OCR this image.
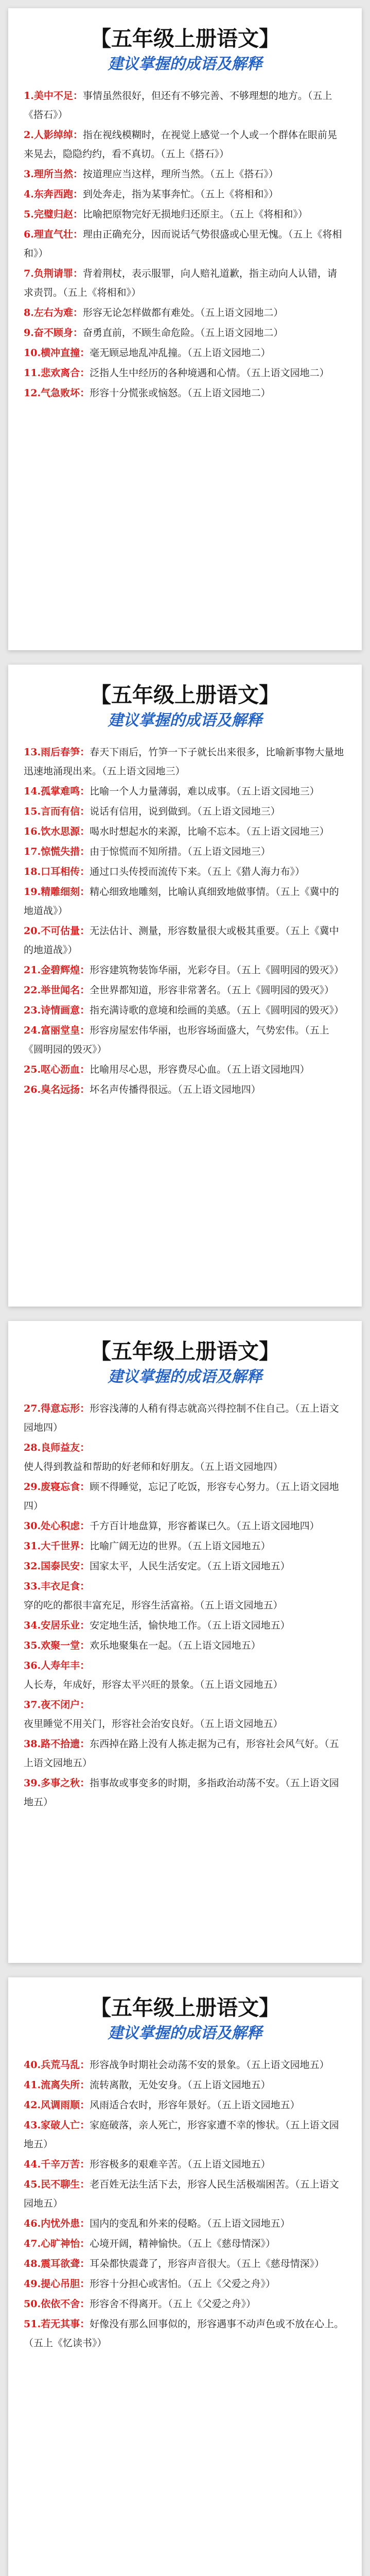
【五年级上册语文】
建议掌握的成语及解释
1.美中不足：事情虽然很好，但还有不够完善、不够理想的地方。（五上《搭石》）
2.人影绰绰：指在视线模糊时，在视觉上感觉一个人或一个群体在眼前晃来晃去，隐隐约约，看不真切。（五上《搭石》）
3.理所当然：按道理应当这样，理所当然。（五上《搭石》）
4.东奔西跑：到处奔走，指为某事奔忙。（五上《将相和》）
5.完璧归赵：比喻把原物完好无损地归还原主。（五上《将相和》）
6.理直气壮：理由正确充分，因而说话气势很盛或心里无愧。（五上《将相和》）
7.负荆请罪：背着荆杖，表示服罪，向人赔礼道歉，指主动向人认错，请求责罚。（五上《将相和》）
8.左右为难：形容无论怎样做都有难处。（五上语文园地二）
9.奋不顾身：奋勇直前，不顾生命危险。（五上语文园地二）
10.横冲直撞：毫无顾忌地乱冲乱撞。（五上语文园地二）
11.悲欢离合：泛指人生中经历的各种境遇和心情。（五上语文园地二）
12.气急败坏：形容十分慌张或恼怒。（五上语文园地二）
【五年级上册语文】
建议掌握的成语及解释
13.雨后春笋：春天下雨后，竹笋一下子就长出来很多，比喻新事物大量地迅速地涌现出来。（五上语文园地三）
14.孤掌难鸣：比喻一个人力量薄弱，难以成事。（五上语文园地三）
15.言而有信：说话有信用，说到做到。（五上语文园地三）
16.饮水思源：喝水时想起水的来源，比喻不忘本。（五上语文园地三）
17.惊慌失措：由于惊慌而不知所措。（五上语文园地三）
18.口耳相传：通过口头传授而流传下来。（五上《猎人海力布》）
19.精雕细刻：精心细致地雕刻，比喻认真细致地做事情。（五上《冀中的地道战》）
20.不可估量：无法估计、测量，形容数量很大或极其重要。（五上《冀中的地道战》）
21.金碧辉煌：形容建筑物装饰华丽，光彩夺目。（五上《圆明园的毁灭》）
22.举世闻名：全世界都知道，形容非常著名。（五上《圆明园的毁灭》）
23.诗情画意：指充满诗歌的意境和绘画的美感。（五上《圆明园的毁灭》）
24.富丽堂皇：形容房屋宏伟华丽，也形容场面盛大，气势宏伟。（五上《圆明园的毁灭》）
25.呕心沥血：比喻用尽心思，形容费尽心血。（五上语文园地四）
26.臭名远扬：坏名声传播得很远。（五上语文园地四）
【五年级上册语文】
建议掌握的成语及解释
27.得意忘形：形容浅薄的人稍有得志就高兴得控制不住自己。（五上语文园地四）
28.良师益友：使人得到教益和帮助的好老师和好朋友。（五上语文园地四）
29.废寝忘食：顾不得睡觉，忘记了吃饭，形容专心努力。（五上语文园地四）
30.处心积虑：千方百计地盘算，形容蓄谋已久。（五上语文园地四）
31.大千世界：比喻广阔无边的世界。（五上语文园地五）
32.国泰民安：国家太平，人民生活安定。（五上语文园地五）
33.丰衣足食：穿的吃的都很丰富充足，形容生活富裕。（五上语文园地五）
34.安居乐业：安定地生活，愉快地工作。（五上语文园地五）
35.欢聚一堂：欢乐地聚集在一起。（五上语文园地五）
36.人寿年丰：人长寿，年成好，形容太平兴旺的景象。（五上语文园地五）
37.夜不闭户：夜里睡觉不用关门，形容社会治安良好。（五上语文园地五）
38.路不拾遗：东西掉在路上没有人拣走据为己有，形容社会风气好。（五上语文园地五）
39.多事之秋：指事故或事变多的时期，多指政治动荡不安。（五上语文园地五）
【五年级上册语文】
建议掌握的成语及解释
40.兵荒马乱：形容战争时期社会动荡不安的景象。（五上语文园地五）
41.流离失所：流转离散，无处安身。（五上语文园地五）
42.风调雨顺：风雨适合农时，形容年景好。（五上语文园地五）
43.家破人亡：家庭破落，亲人死亡，形容家遭不幸的惨状。（五上语文园地五）
44.千辛万苦：形容极多的艰难辛苦。（五上语文园地五）
45.民不聊生：老百姓无法生活下去，形容人民生活极端困苦。（五上语文园地五）
46.内忧外患：国内的变乱和外来的侵略。（五上语文园地五）
47.心旷神怡：心境开阔，精神愉快。（五上《慈母情深》）
48.震耳欲聋：耳朵都快震聋了，形容声音很大。（五上《慈母情深》）
49.提心吊胆：形容十分担心或害怕。（五上《父爱之舟》）
50.依依不舍：形容舍不得离开。（五上《父爱之舟》）
51.若无其事：好像没有那么回事似的，形容遇事不动声色或不放在心上。（五上《忆读书》）
